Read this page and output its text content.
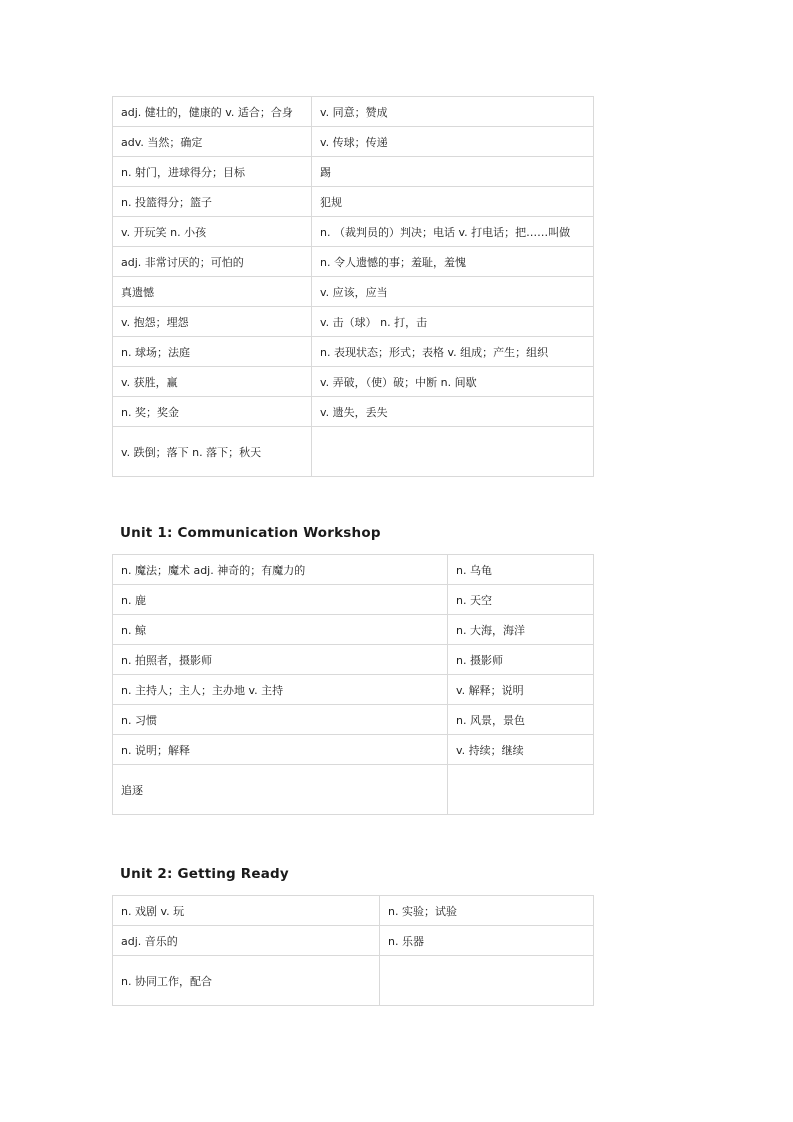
adj. 健壮的，健康的 v. 适合；合身	v. 同意；赞成
adv. 当然；确定	v. 传球；传递
n. 射门，进球得分；目标	踢
n. 投篮得分；篮子	犯规
v. 开玩笑 n. 小孩	n. （裁判员的）判决；电话 v. 打电话；把……叫做
adj. 非常讨厌的；可怕的	n. 令人遗憾的事；羞耻，羞愧
真遗憾	v. 应该，应当
v. 抱怨；埋怨	v. 击（球） n. 打，击
n. 球场；法庭	n. 表现状态；形式；表格 v. 组成；产生；组织
v. 获胜，赢	v. 弄破，（使）破；中断 n. 间歇
n. 奖；奖金	v. 遗失，丢失
v. 跌倒；落下 n. 落下；秋天	
Unit 1: Communication Workshop
n. 魔法；魔术 adj. 神奇的；有魔力的	n. 乌龟
n. 鹿	n. 天空
n. 鲸	n. 大海，海洋
n. 拍照者，摄影师	n. 摄影师
n. 主持人；主人；主办地 v. 主持	v. 解释；说明
n. 习惯	n. 风景，景色
n. 说明；解释	v. 持续；继续
追逐	
Unit 2: Getting Ready
n. 戏剧 v. 玩	n. 实验；试验
adj. 音乐的	n. 乐器
n. 协同工作，配合	
